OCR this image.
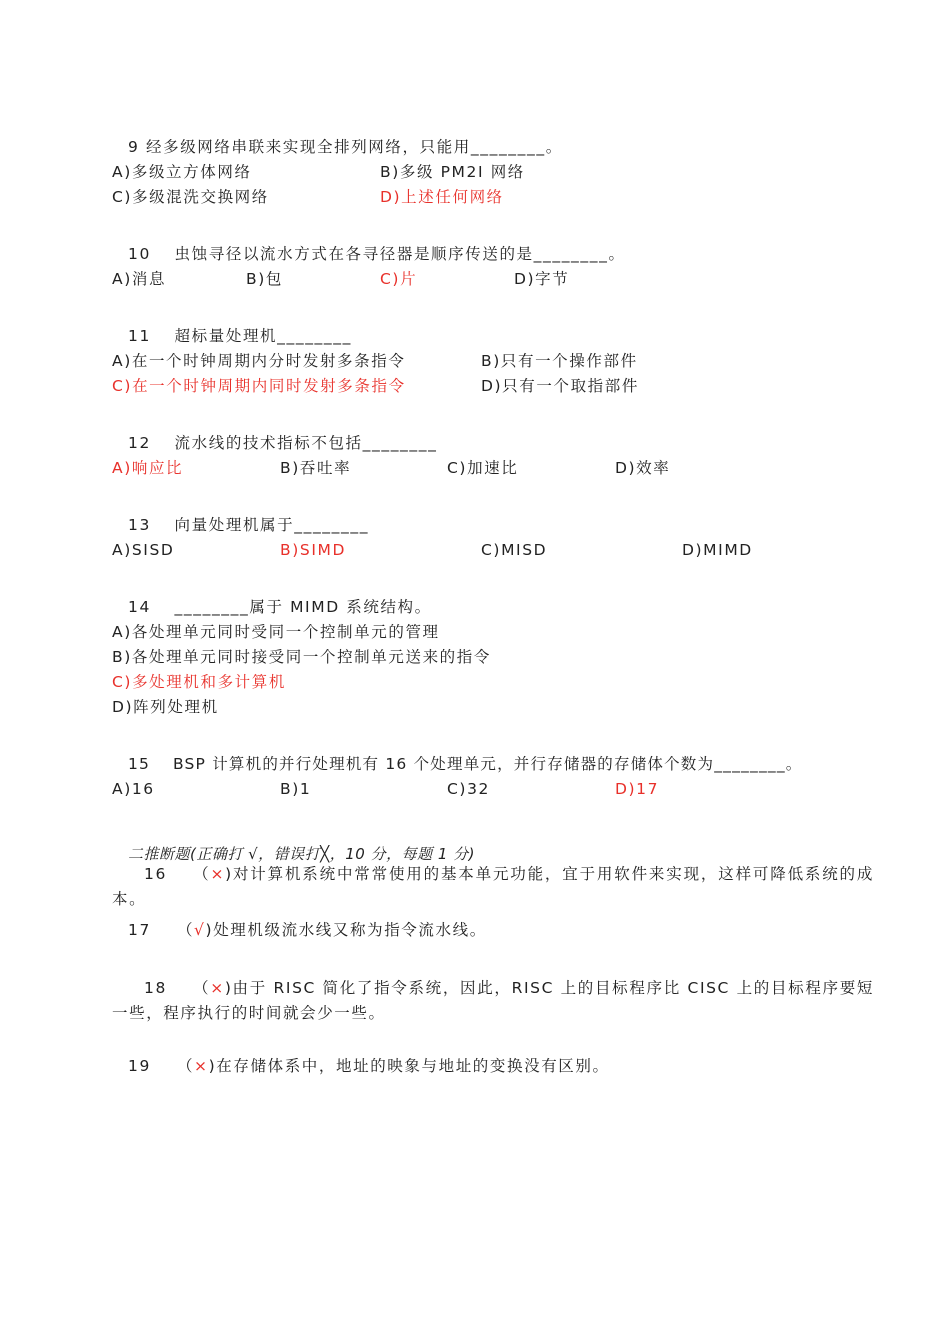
9 经多级网络串联来实现全排列网络，只能用________。
A)多级立方体网络	B)多级 PM2I 网络
C)多级混洗交换网络	D)上述任何网络
10　 虫蚀寻径以流水方式在各寻径器是顺序传送的是________。
A)消息	B)包	C)片	D)字节
11　 超标量处理机________
A)在一个时钟周期内分时发射多条指令	B)只有一个操作部件
C)在一个时钟周期内同时发射多条指令	D)只有一个取指部件
12　 流水线的技术指标不包括________
A)响应比	B)吞吐率	C)加速比	D)效率
13　 向量处理机属于________
A)SISD	B)SIMD	C)MISD	D)MIMD
14　 ________属于 MIMD 系统结构。
A)各处理单元同时受同一个控制单元的管理
B)各处理单元同时接受同一个控制单元送来的指令
C)多处理机和多计算机
D)阵列处理机
15　 BSP 计算机的并行处理机有 16 个处理单元，并行存储器的存储体个数为________。
A)16	B)1	C)32	D)17
二推断题(正确打 √，错误打╳，10 分，每题 1 分)
16 （×)对计算机系统中常常使用的基本单元功能，宜于用软件来实现，这样可降低系统的成本。
17 （√)处理机级流水线又称为指令流水线。
18 （×)由于 RISC 简化了指令系统，因此，RISC 上的目标程序比 CISC 上的目标程序要短一些，程序执行的时间就会少一些。
19 （×)在存储体系中，地址的映象与地址的变换没有区别。
